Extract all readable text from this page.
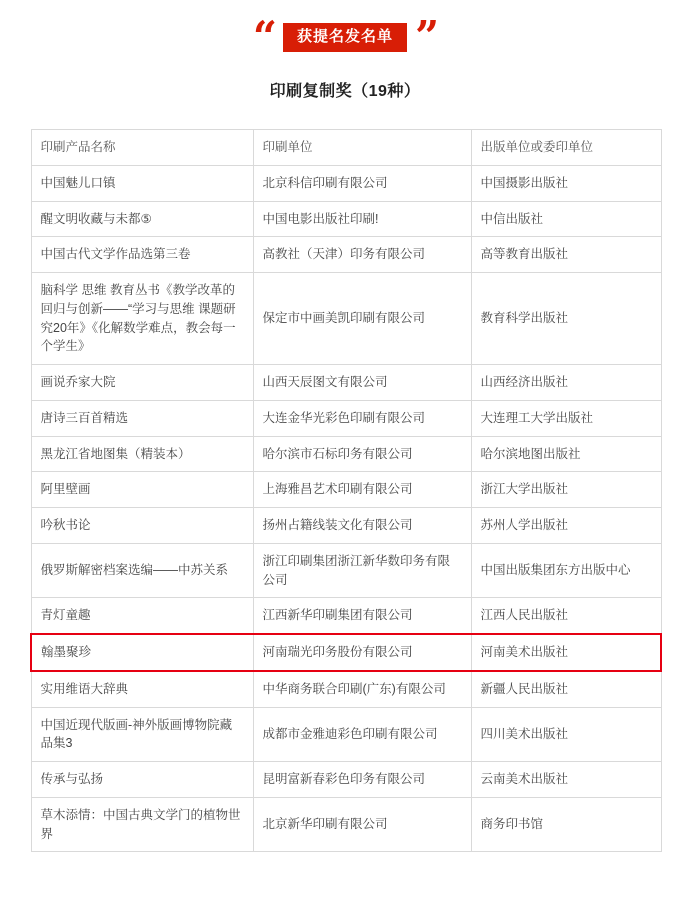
“	获提名发名单 ”
印刷复制奖（19种）
印刷产品名称	印刷单位	出版单位或委印单位
中国魅儿口镇	北京科信印刷有限公司	中国摄影出版社
醒文明收藏与未都⑤	中国电影出版社印刷!	中信出版社
中国古代文学作品选第三卷	高教社（天津）印务有限公司	高等教育出版社
脑科学 思维 教育丛书《教学改革的回归与创新——“学习与思维 课题研究20年》《化解数学难点，教会每一个学生》	保定市中画美凯印刷有限公司	教育科学出版社
画说乔家大院	山西天辰图文有限公司	山西经济出版社
唐诗三百首精选	大连金华光彩色印刷有限公司	大连理工大学出版社
黑龙江省地图集（精装本）	哈尔滨市石标印务有限公司	哈尔滨地图出版社
阿里壁画	上海雅昌艺术印刷有限公司	浙江大学出版社
吟秋书论	扬州占籍线装文化有限公司	苏州人学出版社
俄罗斯解密档案选编——中苏关系	浙江印刷集团浙江新华数印务有限公司	中国出版集团东方出版中心
青灯童趣	江西新华印刷集团有限公司	江西人民出版社
翰墨聚珍	河南瑞光印务股份有限公司	河南美术出版社
实用维语大辞典	中华商务联合印刷(广东)有限公司	新疆人民出版社
中国近现代版画-神外版画博物院藏品集3	成都市金雅迪彩色印刷有限公司	四川美术出版社
传承与弘扬	昆明富新春彩色印务有限公司	云南美术出版社
草木添情：中国古典文学门的植物世界	北京新华印刷有限公司	商务印书馆
